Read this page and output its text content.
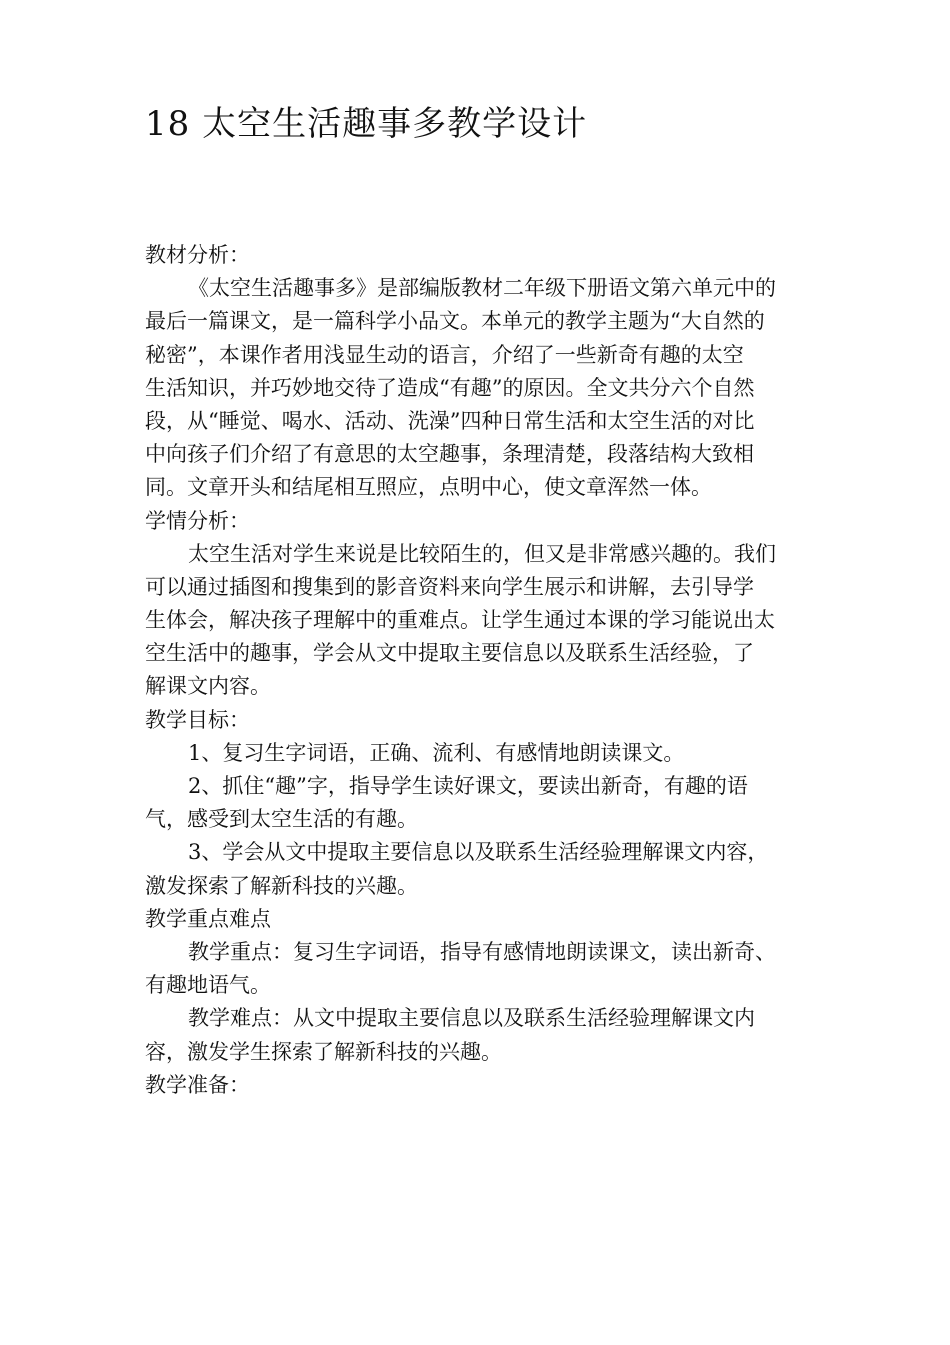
18 太空生活趣事多教学设计
教材分析：
《太空生活趣事多》是部编版教材二年级下册语文第六单元中的
最后一篇课文，是一篇科学小品文。本单元的教学主题为“大自然的
秘密”，本课作者用浅显生动的语言，介绍了一些新奇有趣的太空
生活知识，并巧妙地交待了造成“有趣”的原因。全文共分六个自然
段，从“睡觉、喝水、活动、洗澡”四种日常生活和太空生活的对比
中向孩子们介绍了有意思的太空趣事，条理清楚，段落结构大致相
同。文章开头和结尾相互照应，点明中心，使文章浑然一体。
学情分析：
太空生活对学生来说是比较陌生的，但又是非常感兴趣的。我们
可以通过插图和搜集到的影音资料来向学生展示和讲解，去引导学
生体会，解决孩子理解中的重难点。让学生通过本课的学习能说出太
空生活中的趣事，学会从文中提取主要信息以及联系生活经验，了
解课文内容。
教学目标：
1、复习生字词语，正确、流利、有感情地朗读课文。
2、抓住“趣”字，指导学生读好课文，要读出新奇，有趣的语
气，感受到太空生活的有趣。
3、学会从文中提取主要信息以及联系生活经验理解课文内容，
激发探索了解新科技的兴趣。
教学重点难点
教学重点：复习生字词语，指导有感情地朗读课文，读出新奇、
有趣地语气。
教学难点：从文中提取主要信息以及联系生活经验理解课文内
容，激发学生探索了解新科技的兴趣。
教学准备：
